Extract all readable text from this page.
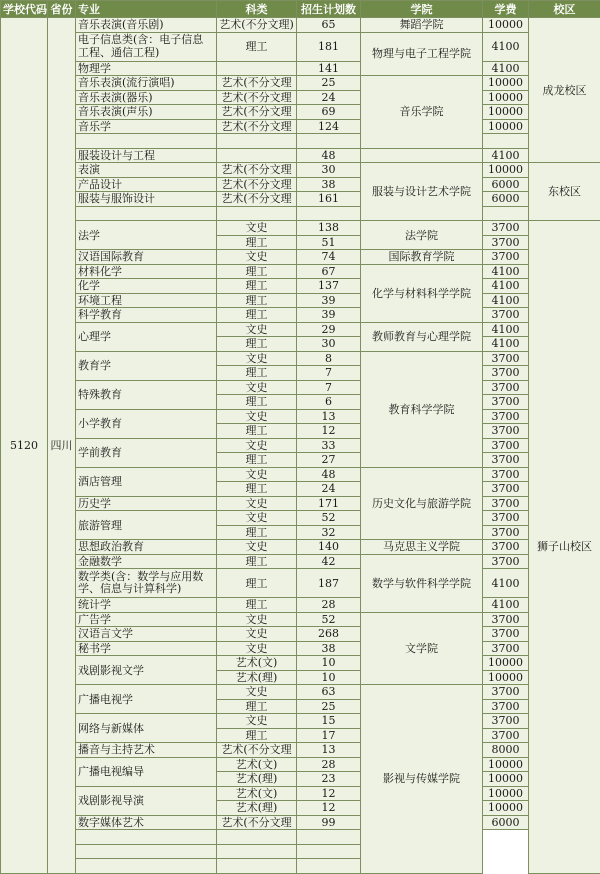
学校代码	省份	专业	科类	招生计划数	学院	学费	校区
5120	四川	音乐表演(音乐剧)	艺术(不分文理)	65	舞蹈学院	10000	成龙校区
		电子信息类(含：电子信息工程、通信工程)	理工	181	物理与电子工程学院	4100	
		物理学		141		4100	
		音乐表演(流行演唱)	艺术(不分文理	25	音乐学院	10000	
		音乐表演(器乐)	艺术(不分文理	24		10000	
		音乐表演(声乐)	艺术(不分文理	69		10000	
		音乐学	艺术(不分文理	124		10000	

		服装设计与工程		48		4100	
		表演	艺术(不分文理	30	服装与设计艺术学院	10000	东校区
		产品设计	艺术(不分文理	38		6000	
		服装与服饰设计	艺术(不分文理	161		6000	

		法学	文史	138	法学院	3700	狮子山校区
			理工	51		3700	
		汉语国际教育	文史	74	国际教育学院	3700	
		材料化学	理工	67	化学与材料科学学院	4100	
		化学	理工	137		4100	
		环境工程	理工	39		4100	
		科学教育	理工	39		3700	
		心理学	文史	29	教师教育与心理学院	4100	
			理工	30		4100	
		教育学	文史	8	教育科学学院	3700	
			理工	7		3700	
		特殊教育	文史	7		3700	
			理工	6		3700	
		小学教育	文史	13		3700	
			理工	12		3700	
		学前教育	文史	33		3700	
			理工	27		3700	
		酒店管理	文史	48	历史文化与旅游学院	3700	
			理工	24		3700	
		历史学	文史	171		3700	
		旅游管理	文史	52		3700	
			理工	32		3700	
		思想政治教育	文史	140	马克思主义学院	3700	
		金融数学	理工	42	数学与软件科学学院	3700	
		数学类(含：数学与应用数学、信息与计算科学)	理工	187		4100	
		统计学	理工	28		4100	
		广告学	文史	52	文学院	3700	
		汉语言文学	文史	268		3700	
		秘书学	文史	38		3700	
		戏剧影视文学	艺术(文)	10		10000	
			艺术(理)	10		10000	
		广播电视学	文史	63	影视与传媒学院	3700	
			理工	25		3700	
		网络与新媒体	文史	15		3700	
			理工	17		3700	
		播音与主持艺术	艺术(不分文理	13		8000	
		广播电视编导	艺术(文)	28		10000	
			艺术(理)	23		10000	
		戏剧影视导演	艺术(文)	12		10000	
			艺术(理)	12		10000	
		数字媒体艺术	艺术(不分文理	99		6000	
